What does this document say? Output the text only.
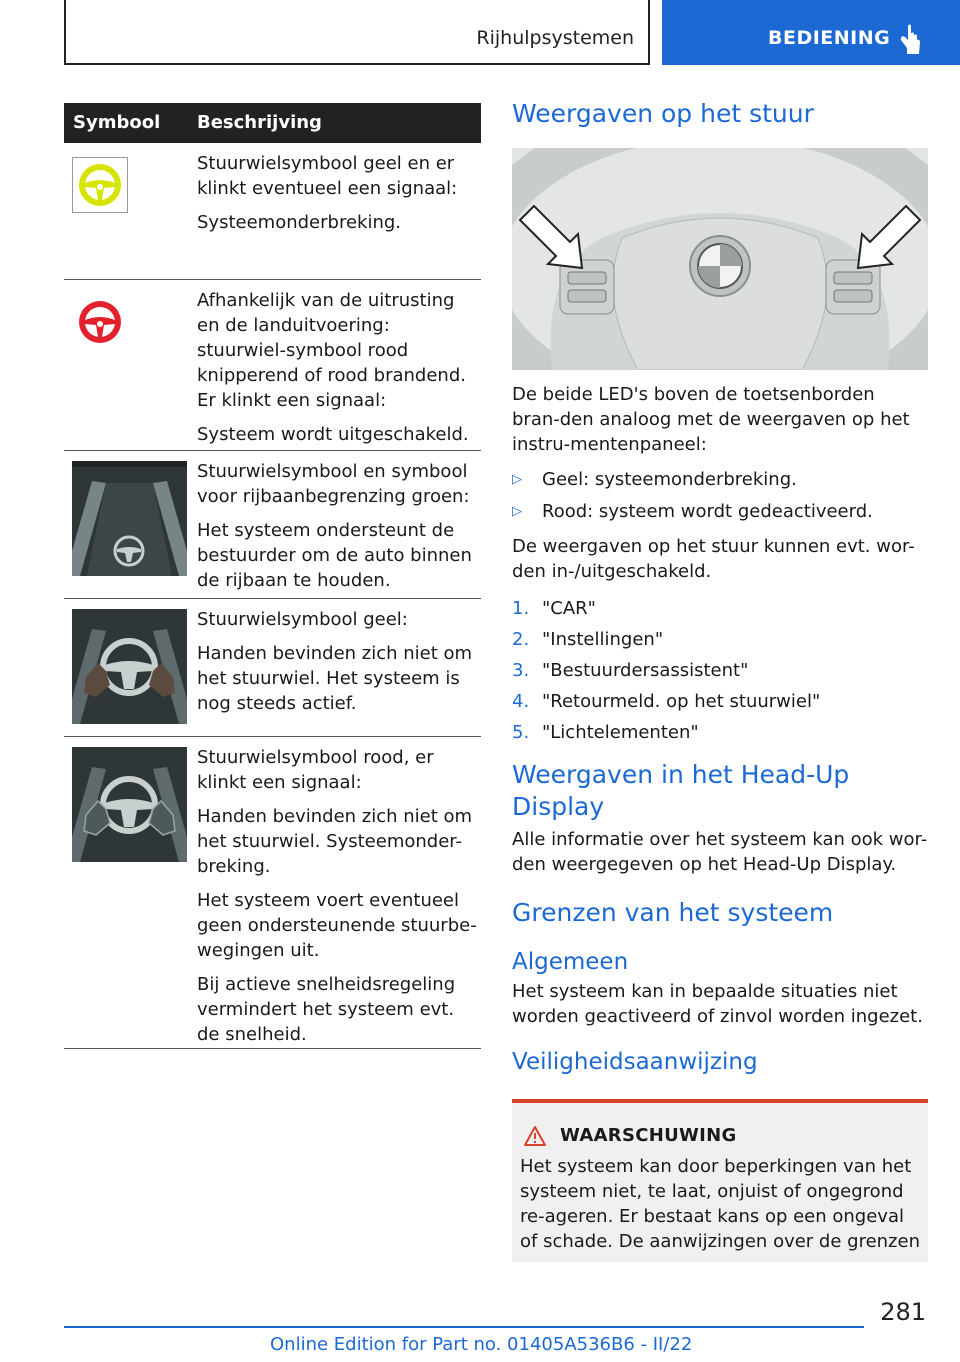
Rijhulpsystemen	BEDIENING
Symbool Beschrijving

Stuurwielsymbool geel en er klinkt eventueel een signaal:

Systeemonderbreking.

Afhankelijk van de uitrusting en de landuitvoering: stuurwiel-symbool rood knipperend of rood brandend. Er klinkt een signaal:

Systeem wordt uitgeschakeld.

Stuurwielsymbool en symbool voor rijbaanbegrenzing groen:

Het systeem ondersteunt de bestuurder om de auto binnen de rijbaan te houden.

Stuurwielsymbool geel:

Handen bevinden zich niet om het stuurwiel. Het systeem is nog steeds actief.

Stuurwielsymbool rood, er klinkt een signaal:

Handen bevinden zich niet om het stuurwiel. Systeemonder-breking.

Het systeem voert eventueel geen ondersteunende stuurbe-wegingen uit.

Bij actieve snelheidsregeling vermindert het systeem evt. de snelheid.

Weergaven op het stuur

De beide LED's boven de toetsenborden bran-den analoog met de weergaven op het instru-mentenpaneel:

▷ Geel: systeemonderbreking.
▷ Rood: systeem wordt gedeactiveerd.

De weergaven op het stuur kunnen evt. wor-den in-/uitgeschakeld.

1. "CAR"
2. "Instellingen"
3. "Bestuurdersassistent"
4. "Retourmeld. op het stuurwiel"
5. "Lichtelementen"
Weergaven in het Head-Up Display

Alle informatie over het systeem kan ook wor-den weergegeven op het Head-Up Display.

Grenzen van het systeem
Algemeen

Het systeem kan in bepaalde situaties niet worden geactiveerd of zinvol worden ingezet.

Veiligheidsaanwijzing
WAARSCHUWING

Het systeem kan door beperkingen van het systeem niet, te laat, onjuist of ongegrond re-ageren. Er bestaat kans op een ongeval of schade. De aanwijzingen over de grenzen

281
Online Edition for Part no. 01405A536B6 - II/22
